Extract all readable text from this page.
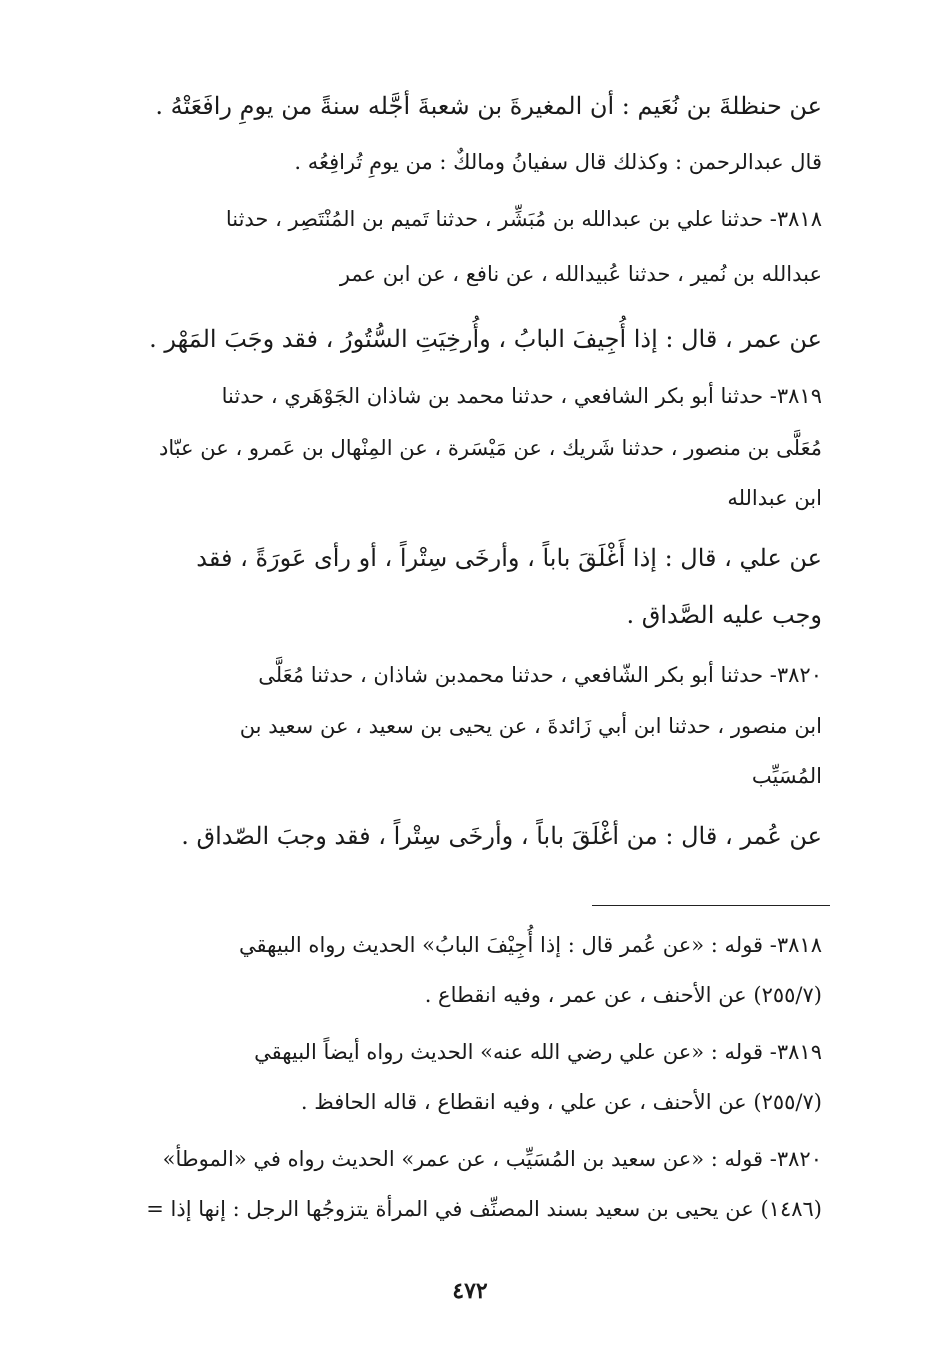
عن حنظلةَ بن نُعَيم : أن المغيرةَ بن شعبةَ أجَّله سنةً من يومِ رافَعَتْهُ .
قال عبدالرحمن : وكذلك قال سفيانُ ومالكٌ : من يومِ تُرافِعُه .
٣٨١٨- حدثنا علي بن عبدالله بن مُبَشِّر ، حدثنا تَميم بن المُنْتَصِر ، حدثنا
عبدالله بن نُمير ، حدثنا عُبيدالله ، عن نافع ، عن ابن عمر
عن عمر ، قال : إذا أُجِيفَ البابُ ، وأُرخِيَتِ السُّتُورُ ، فقد وجَبَ المَهْر .
٣٨١٩- حدثنا أبو بكر الشافعي ، حدثنا محمد بن شاذان الجَوْهَري ، حدثنا
مُعَلَّى بن منصور ، حدثنا شَريك ، عن مَيْسَرة ، عن المِنْهال بن عَمرو ، عن عبّاد
ابن عبدالله
عن علي ، قال : إذا أَغْلَقَ باباً ، وأرخَى سِتْراً ، أو رأى عَورَةً ، فقد
وجب عليه الصَّداق .
٣٨٢٠- حدثنا أبو بكر الشّافعي ، حدثنا محمدبن شاذان ، حدثنا مُعَلَّى
ابن منصور ، حدثنا ابن أبي زَائدةَ ، عن يحيى بن سعيد ، عن سعيد بن
المُسَيِّب
عن عُمر ، قال : من أغْلَقَ باباً ، وأرخَى سِتْراً ، فقد وجبَ الصّداق .
٣٨١٨- قوله : «عن عُمر قال : إذا أُجِيْفَ البابُ» الحديث رواه البيهقي
(٢٥٥/٧) عن الأحنف ، عن عمر ، وفيه انقطاع .
٣٨١٩- قوله : «عن علي رضي الله عنه» الحديث رواه أيضاً البيهقي
(٢٥٥/٧) عن الأحنف ، عن علي ، وفيه انقطاع ، قاله الحافظ .
٣٨٢٠- قوله : «عن سعيد بن المُسَيِّب ، عن عمر» الحديث رواه في «الموطأ»
(١٤٨٦) عن يحيى بن سعيد بسند المصنِّف في المرأة يتزوجُها الرجل : إنها إذا =
٤٧٢
